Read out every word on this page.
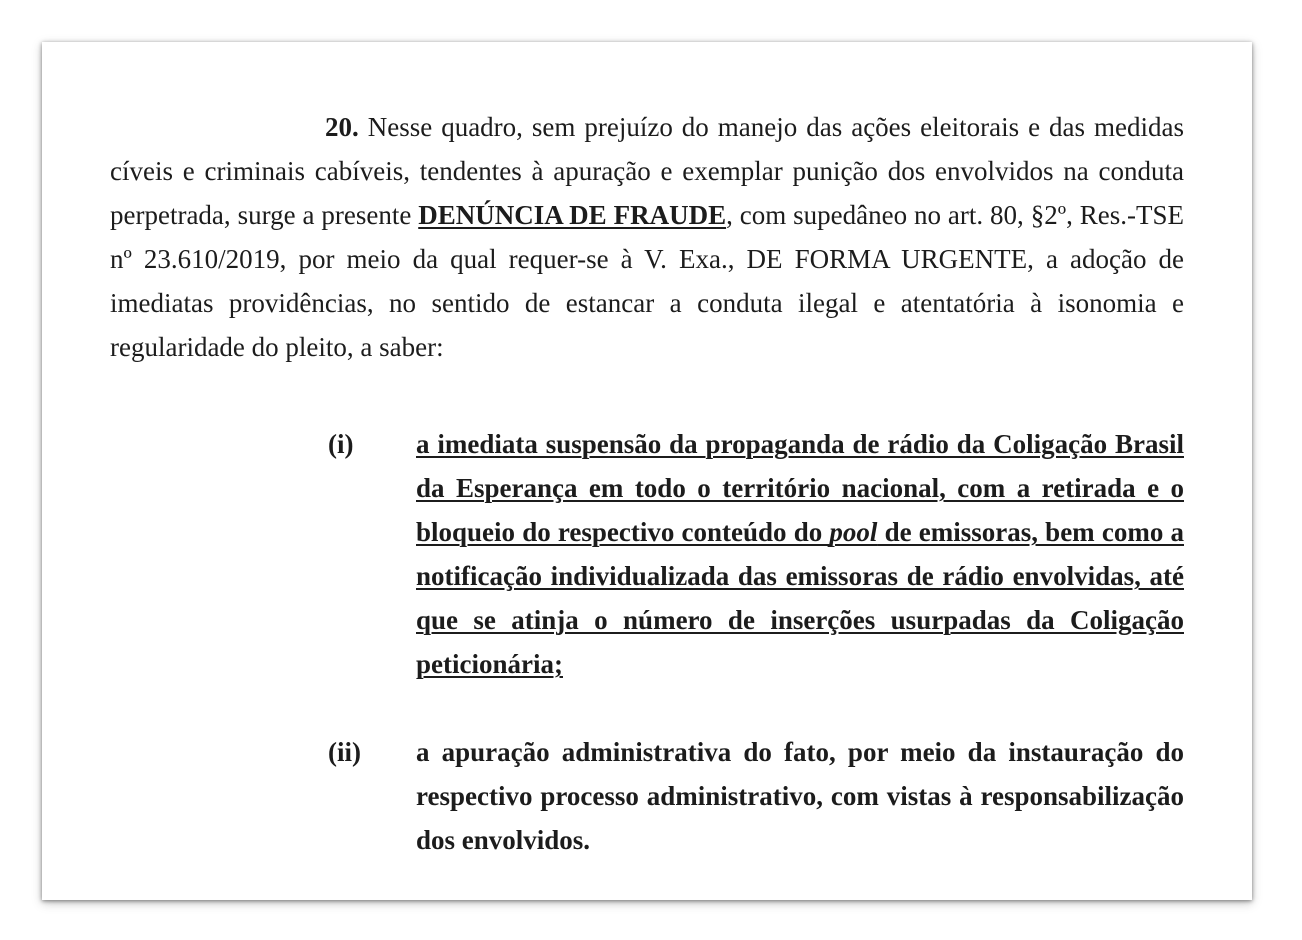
20. Nesse quadro, sem prejuízo do manejo das ações eleitorais e das medidas cíveis e criminais cabíveis, tendentes à apuração e exemplar punição dos envolvidos na conduta perpetrada, surge a presente DENÚNCIA DE FRAUDE, com supedâneo no art. 80, §2º, Res.-TSE nº 23.610/2019, por meio da qual requer-se à V. Exa., DE FORMA URGENTE, a adoção de imediatas providências, no sentido de estancar a conduta ilegal e atentatória à isonomia e regularidade do pleito, a saber:

(i) a imediata suspensão da propaganda de rádio da Coligação Brasil da Esperança em todo o território nacional, com a retirada e o bloqueio do respectivo conteúdo do pool de emissoras, bem como a notificação individualizada das emissoras de rádio envolvidas, até que se atinja o número de inserções usurpadas da Coligação peticionária;
(ii) a apuração administrativa do fato, por meio da instauração do respectivo processo administrativo, com vistas à responsabilização dos envolvidos.
